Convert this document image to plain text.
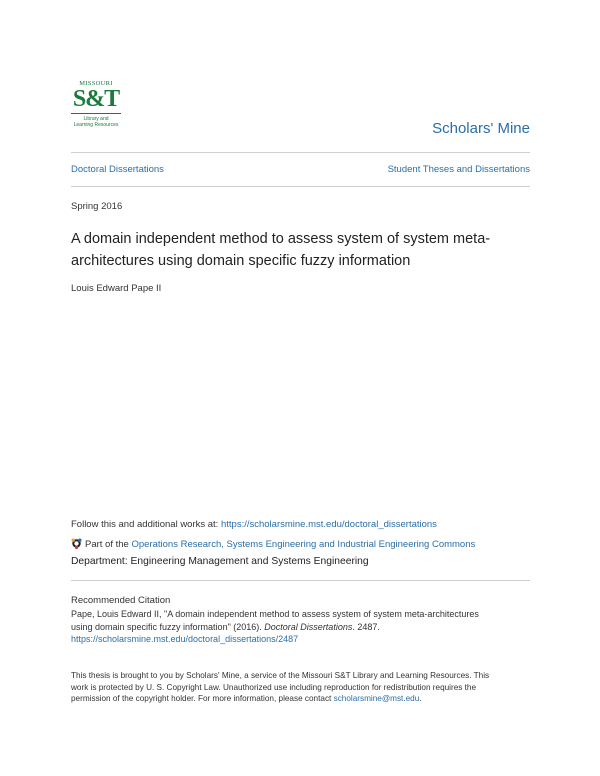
MISSOURI
S&T
Library and
Learning Resources	Scholars' Mine
Doctoral Dissertations	Student Theses and Dissertations
Spring 2016
A domain independent method to assess system of system meta-
architectures using domain specific fuzzy information
Louis Edward Pape II
Follow this and additional works at: https://scholarsmine.mst.edu/doctoral_dissertations
Part of the Operations Research, Systems Engineering and Industrial Engineering Commons
Department: Engineering Management and Systems Engineering
Recommended Citation
Pape, Louis Edward II, "A domain independent method to assess system of system meta-architectures
using domain specific fuzzy information" (2016). Doctoral Dissertations. 2487.
https://scholarsmine.mst.edu/doctoral_dissertations/2487
This thesis is brought to you by Scholars' Mine, a service of the Missouri S&T Library and Learning Resources. This
work is protected by U. S. Copyright Law. Unauthorized use including reproduction for redistribution requires the
permission of the copyright holder. For more information, please contact scholarsmine@mst.edu.
